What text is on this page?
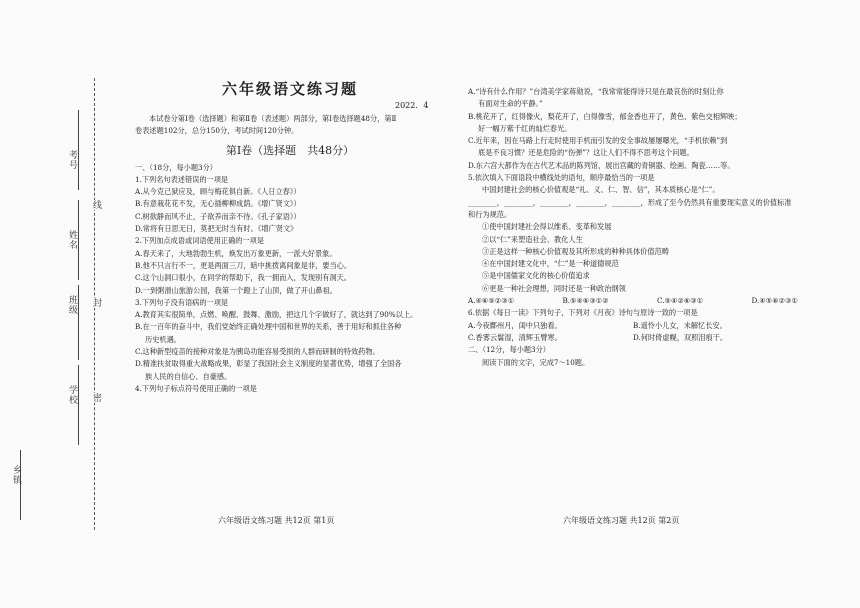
考号
姓名
班级
学校
乡镇
线
封
密
六年级语文练习题

本试卷分第Ⅰ卷（选择题）和第Ⅱ卷（表述题）两部分，第Ⅰ卷选择题48分，第Ⅱ

卷表述题102分，总分150分，考试时间120分钟。

第Ⅰ卷（选择题　共48分）

一、（18分，每小题3分）

1.下列名句表述错误的一项是

A.从今克己狱应及，顾与梅花俱自新。《人日立春》）

B.有意栽花花不发，无心插柳柳成荫。《增广贤文》）

C.树欲静而风不止，子欲养而亲不待。《孔子家语》）

D.常将有日思无日，莫把无时当有时。《增广贤文》

2.下列加点成语或词语使用正确的一项是

A.春天来了，大地勃勃生机，焕发出万象更新，一派大好景象。

B.他不只言行不一，更是两面三刀，暗中挑拨离间象是非，要当心。

C.这个山洞口很小，在同学的帮助下，我一拥而入，发现别有洞天。

D.一到粥滑山旅游公园，我第一个蹬上了山顶，做了开山鼻祖。

3.下列句子没有语病的一项是

A.教育其实很简单，点燃、唤醒、鼓舞、激励，把这几个字做好了，就达到了90%以上。

B.在一百年的奋斗中，我们党始终正确处理中国和世界的关系，善于用好和抓住各种

历史机遇。

C.这种新型疫苗的接种对象是为胰岛功能容易受损的人群而研制的特效药物。

D.精准扶贫取得重大战略成果，彰显了我国社会主义制度的显著优势，增强了全国各

族人民的自信心、自豪感。

4.下列句子标点符号使用正确的一项是

2022．4
六年级语文练习题 共12页 第1页

A.“诗有什么作用？”台湾美学家蒋勋说，“我常常能得诗只是在最哀伤的时刻让你

有面对生命的平静。”

B.桃花开了，红得像火，梨花开了，白得像雪，郁金香也开了，黄色、紫色交相辉映；

好一幅万紫千红的灿烂春光。

C.近年来，因在马路上行走时使用手机而引发的安全事故屡屡曝光，“手机依赖”到

底是不良习惯？还是危险的“伤弹”？这让人们不得不思考这个问题。

D.东六宫大都作为在古代艺术品的陈列馆，展出宫藏的青铜器、绘画、陶瓷……等。

5.依次填入下面语段中横线处的语句，顺序最恰当的一项是

中国封建社会的核心价值观是“礼、义、仁、智、信”，其本质核心是“仁”。

________，________，________，________，________，形成了至今仍然具有重要现实意义的价值标准

和行为规范。

①使中国封建社会得以维系、变革和发展

②以“仁”来塑造社会、教化人生

③正是这样一种核心价值观及其所形成的种种具体价值范畴

④在中国封建文化中，“仁”是一种道德规范

⑤是中国儒家文化的核心价值追求

⑥更是一种社会理想，同时还是一种政治纲领

A.④⑥⑤②③①	B.⑤④⑥③①②	C.⑤④②⑥③①	D.④⑤⑥②③①

6.依据《每日一读》下列句子，下列对《月夜》诗句与原诗一致的一项是

A.今夜鄜州月，闺中只独看。	B.遥怜小儿女，未解忆长安。
C.香雾云鬟湿，清辉玉臂寒。	D.何时倚虚幌，双照泪痕干。

二、（12分，每小题3分）

阅读下面的文字，完成7～10题。

六年级语文练习题 共12页 第2页
